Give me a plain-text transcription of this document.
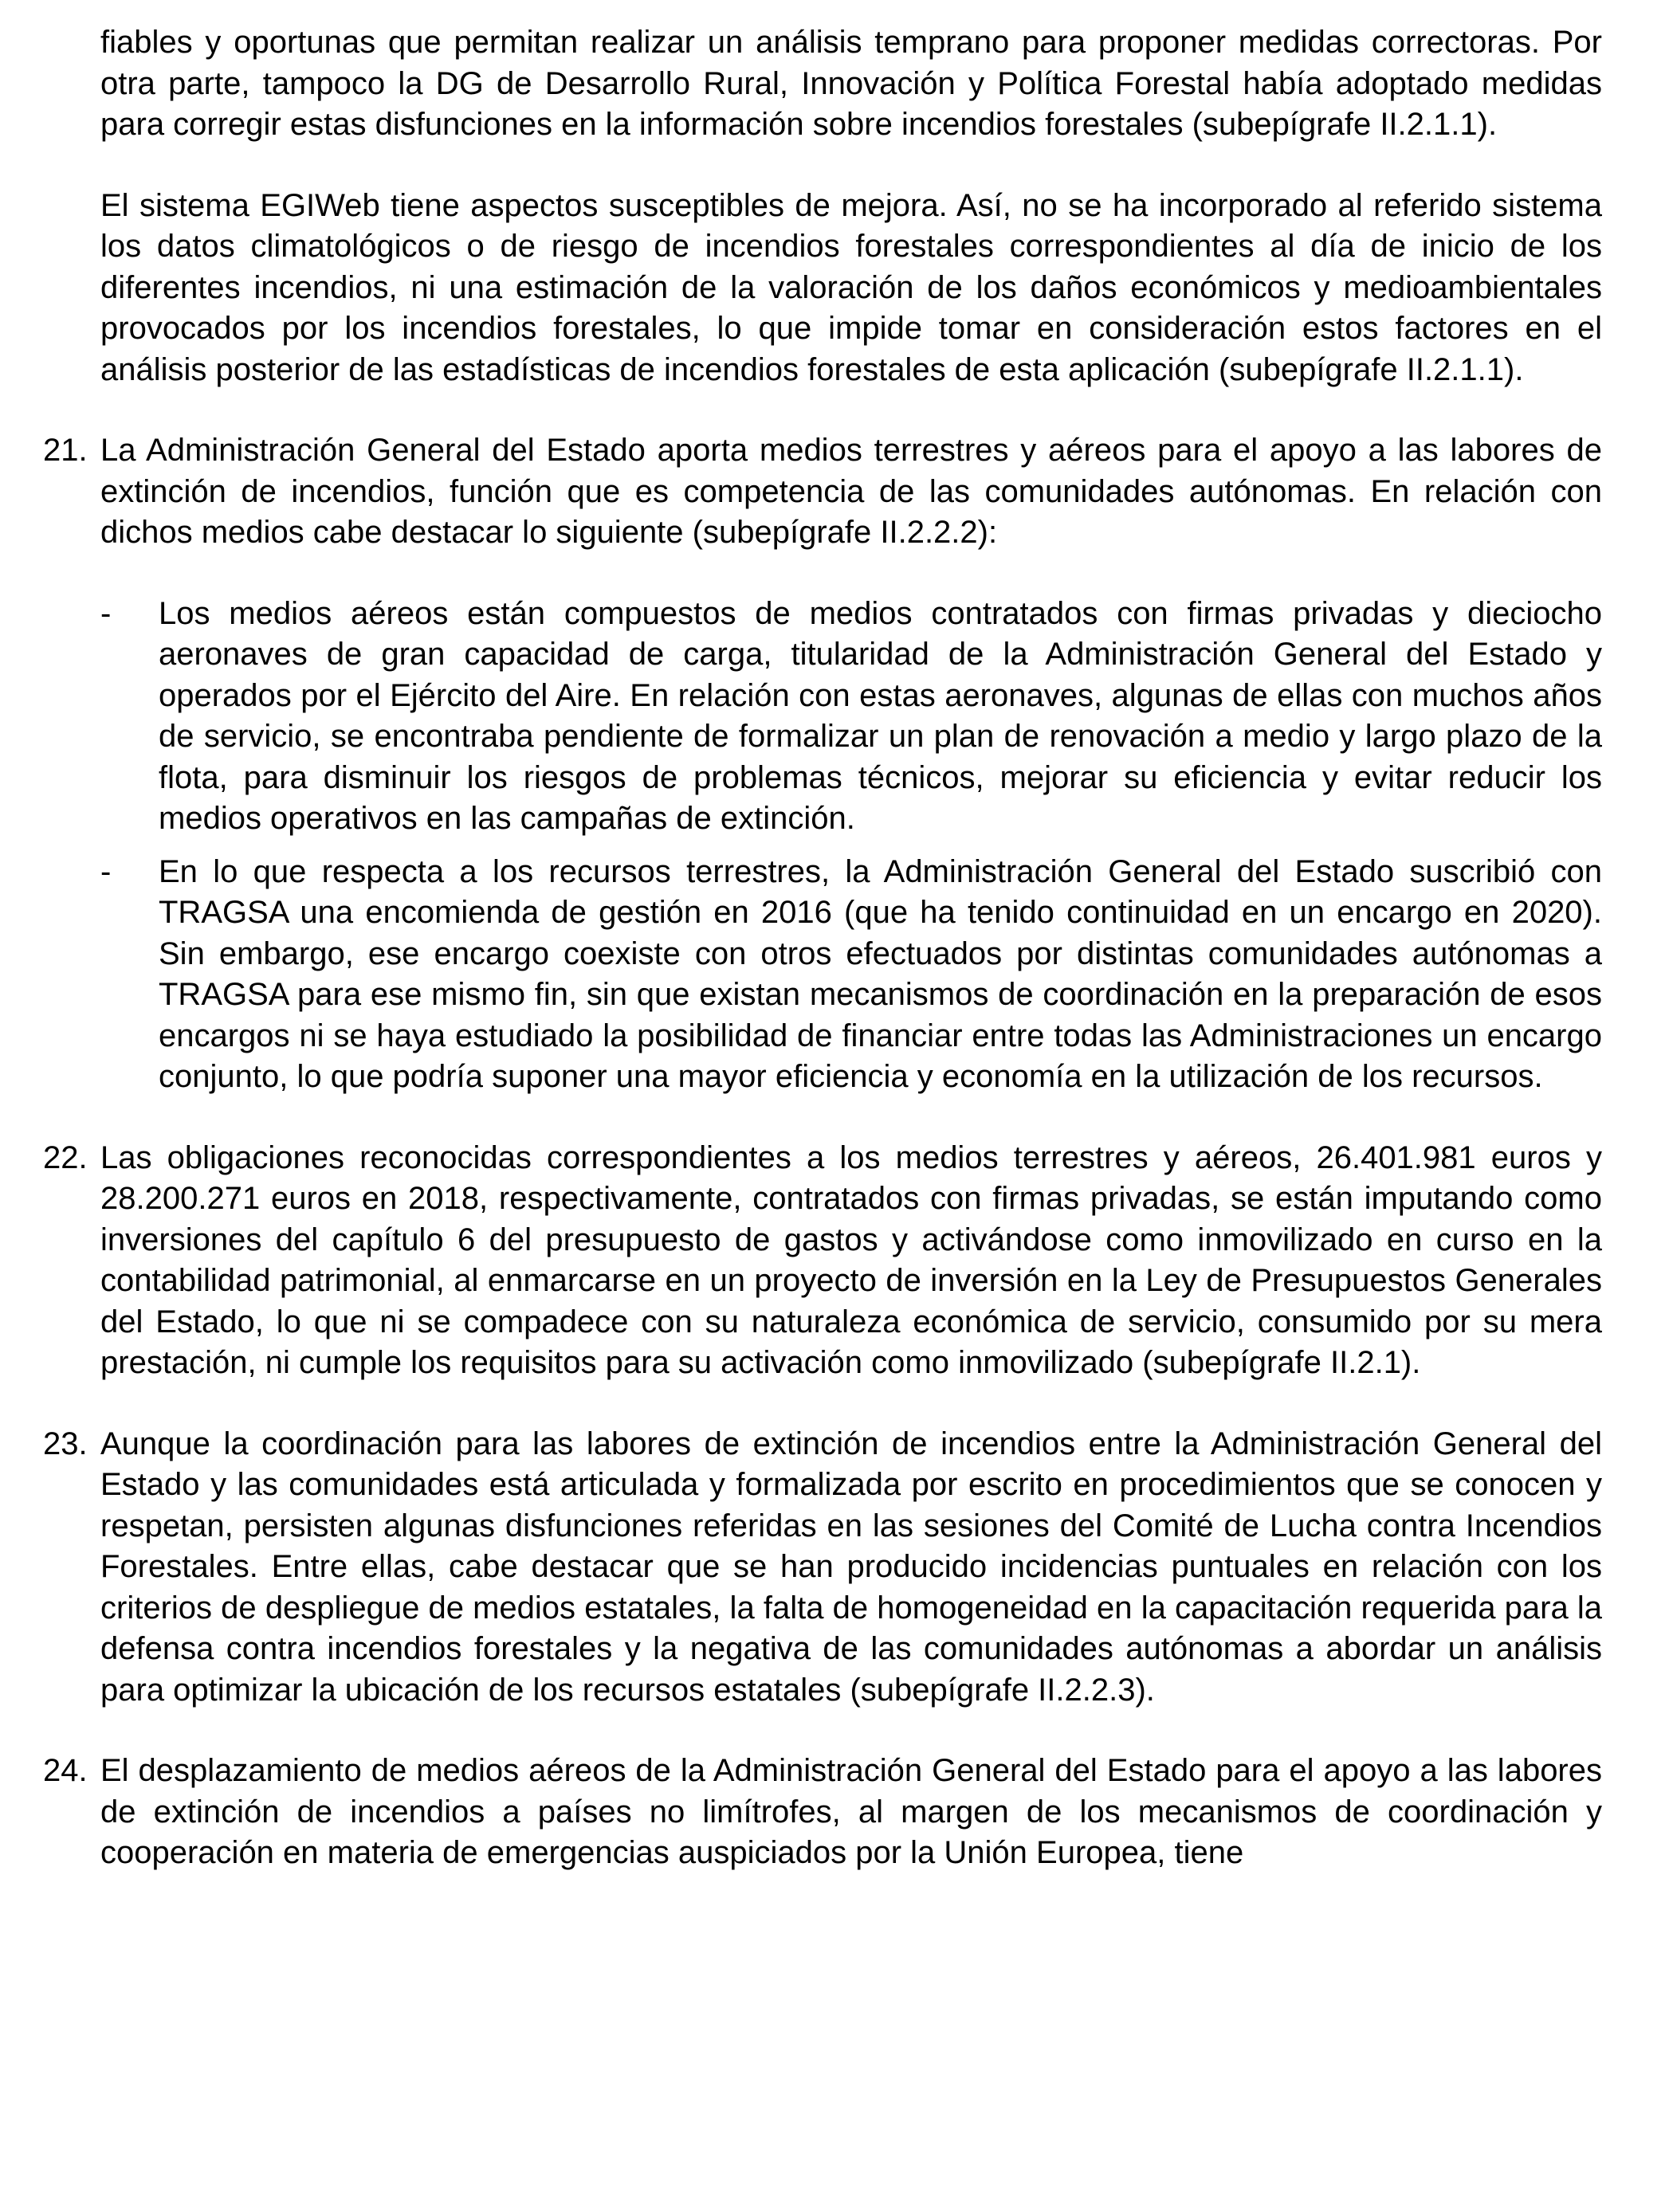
fiables y oportunas que permitan realizar un análisis temprano para proponer medidas correctoras. Por otra parte, tampoco la DG de Desarrollo Rural, Innovación y Política Forestal había adoptado medidas para corregir estas disfunciones en la información sobre incendios forestales (subepígrafe II.2.1.1).

El sistema EGIWeb tiene aspectos susceptibles de mejora. Así, no se ha incorporado al referido sistema los datos climatológicos o de riesgo de incendios forestales correspondientes al día de inicio de los diferentes incendios, ni una estimación de la valoración de los daños económicos y medioambientales provocados por los incendios forestales, lo que impide tomar en consideración estos factores en el análisis posterior de las estadísticas de incendios forestales de esta aplicación (subepígrafe II.2.1.1).

21. La Administración General del Estado aporta medios terrestres y aéreos para el apoyo a las labores de extinción de incendios, función que es competencia de las comunidades autónomas. En relación con dichos medios cabe destacar lo siguiente (subepígrafe II.2.2.2):

- Los medios aéreos están compuestos de medios contratados con firmas privadas y dieciocho aeronaves de gran capacidad de carga, titularidad de la Administración General del Estado y operados por el Ejército del Aire. En relación con estas aeronaves, algunas de ellas con muchos años de servicio, se encontraba pendiente de formalizar un plan de renovación a medio y largo plazo de la flota, para disminuir los riesgos de problemas técnicos, mejorar su eficiencia y evitar reducir los medios operativos en las campañas de extinción.

- En lo que respecta a los recursos terrestres, la Administración General del Estado suscribió con TRAGSA una encomienda de gestión en 2016 (que ha tenido continuidad en un encargo en 2020). Sin embargo, ese encargo coexiste con otros efectuados por distintas comunidades autónomas a TRAGSA para ese mismo fin, sin que existan mecanismos de coordinación en la preparación de esos encargos ni se haya estudiado la posibilidad de financiar entre todas las Administraciones un encargo conjunto, lo que podría suponer una mayor eficiencia y economía en la utilización de los recursos.

22. Las obligaciones reconocidas correspondientes a los medios terrestres y aéreos, 26.401.981 euros y 28.200.271 euros en 2018, respectivamente, contratados con firmas privadas, se están imputando como inversiones del capítulo 6 del presupuesto de gastos y activándose como inmovilizado en curso en la contabilidad patrimonial, al enmarcarse en un proyecto de inversión en la Ley de Presupuestos Generales del Estado, lo que ni se compadece con su naturaleza económica de servicio, consumido por su mera prestación, ni cumple los requisitos para su activación como inmovilizado (subepígrafe II.2.1).

23. Aunque la coordinación para las labores de extinción de incendios entre la Administración General del Estado y las comunidades está articulada y formalizada por escrito en procedimientos que se conocen y respetan, persisten algunas disfunciones referidas en las sesiones del Comité de Lucha contra Incendios Forestales. Entre ellas, cabe destacar que se han producido incidencias puntuales en relación con los criterios de despliegue de medios estatales, la falta de homogeneidad en la capacitación requerida para la defensa contra incendios forestales y la negativa de las comunidades autónomas a abordar un análisis para optimizar la ubicación de los recursos estatales (subepígrafe II.2.2.3).

24. El desplazamiento de medios aéreos de la Administración General del Estado para el apoyo a las labores de extinción de incendios a países no limítrofes, al margen de los mecanismos de coordinación y cooperación en materia de emergencias auspiciados por la Unión Europea, tiene
